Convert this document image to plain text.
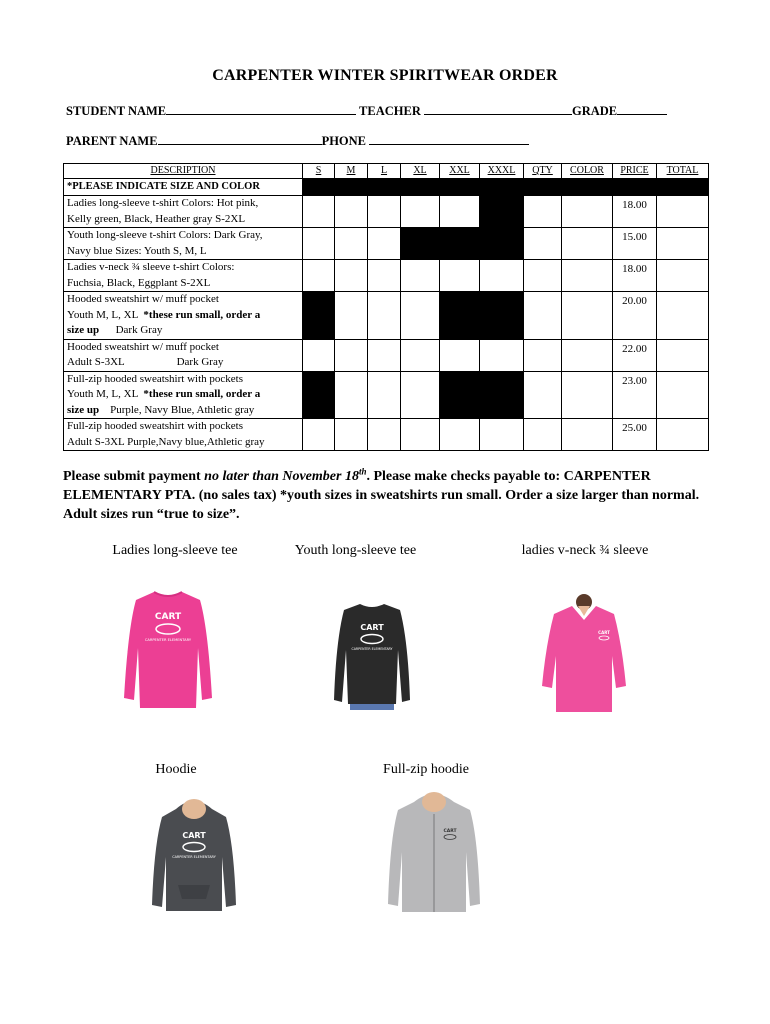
CARPENTER WINTER SPIRITWEAR ORDER
STUDENT NAME	TEACHER	GRADE
PARENT NAME	PHONE
DESCRIPTION	S	M	L	XL	XXL	XXXL	QTY	COLOR	PRICE	TOTAL
*PLEASE INDICATE SIZE AND COLOR										
Ladies long-sleeve t-shirt Colors: Hot pink,
Kelly green, Black, Heather gray S-2XL									18.00	
Youth long-sleeve t-shirt Colors: Dark Gray,
Navy blue Sizes: Youth S, M, L									15.00	
Ladies v-neck ¾ sleeve t-shirt Colors:
Fuchsia, Black, Eggplant S-2XL									18.00	
Hooded sweatshirt w/ muff pocket
Youth M, L, XL  *these run small, order a
size up      Dark Gray									20.00	
Hooded sweatshirt w/ muff pocket
Adult S-3XL                   Dark Gray									22.00	
Full-zip hooded sweatshirt with pockets
Youth M, L, XL  *these run small, order a
size up    Purple, Navy Blue, Athletic gray									23.00	
Full-zip hooded sweatshirt with pockets
Adult S-3XL Purple,Navy blue,Athletic gray									25.00	
Please submit payment no later than November 18th. Please make checks payable to: CARPENTER ELEMENTARY PTA. (no sales tax) *youth sizes in sweatshirts run small. Order a size larger than normal. Adult sizes run “true to size”.
Ladies long-sleeve tee	Youth long-sleeve tee	ladies v-neck ¾ sleeve
Hoodie	Full-zip hoodie
CART
CARPENTER ELEMENTARY
CART
CARPENTER ELEMENTARY
CART
CART
CARPENTER ELEMENTARY
CART
